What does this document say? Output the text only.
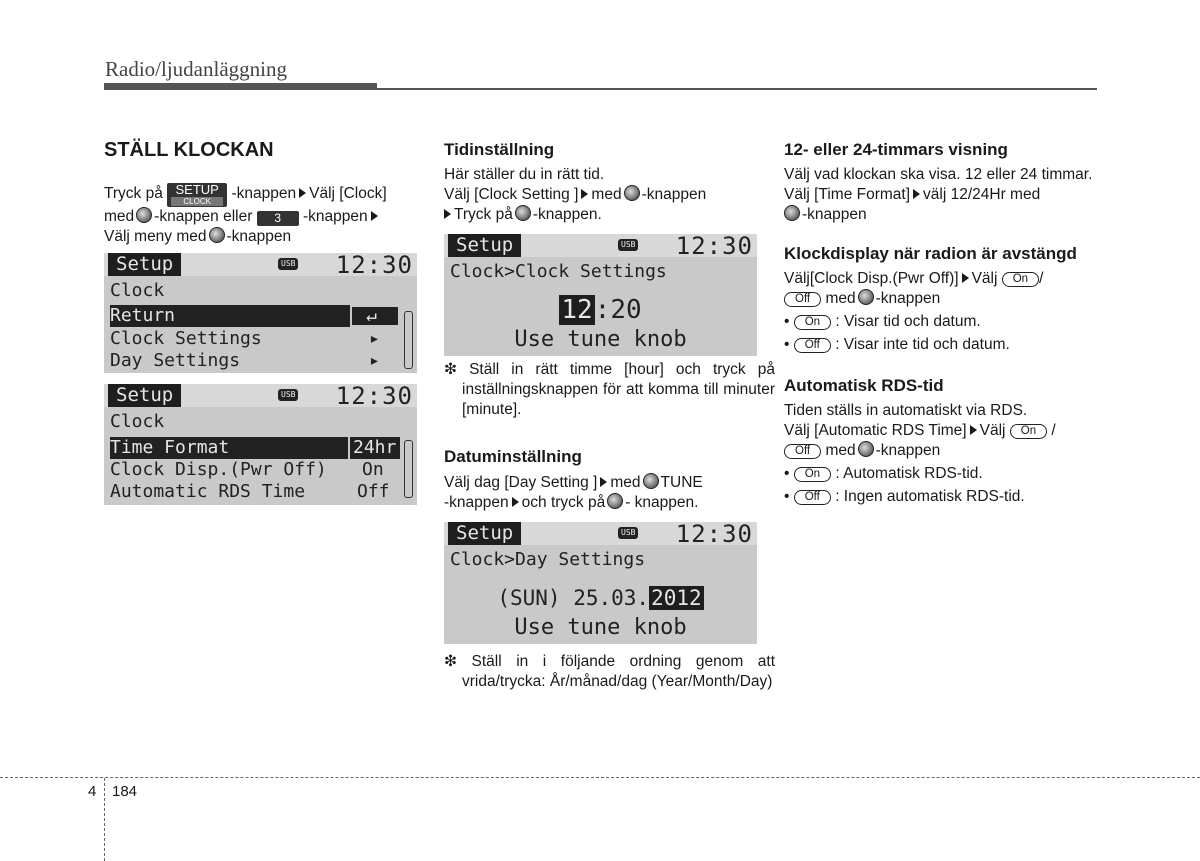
Radio/ljudanläggning

STÄLL KLOCKAN

Tryck på SETUP
CLOCK	-knappen Välj [Clock]
med -knappen eller 3 -knappen
Välj meny med -knappen

Setup	USB 12:30
Clock
Return	↵
Clock Settings	▸
Day Settings	▸
Setup	USB 12:30
Clock
Time Format	24hr
Clock Disp.(Pwr Off) On
Automatic RDS Time	Off

Tidinställning

Här ställer du in rätt tid.

Välj [Clock Setting ] med -knappen
Tryck på -knappen.

Setup	USB 12:30
Clock>Clock Settings
12:20
Use tune knob
❇ Ställ in rätt timme [hour] och tryck på inställningsknappen för att komma till minuter [minute].

Datuminställning

Välj dag [Day Setting ] med TUNE
-knappen och tryck på - knappen.

Setup	USB 12:30
Clock>Day Settings
(SUN) 25.03.2012
Use tune knob
❇ Ställ in i följande ordning genom att vrida/trycka: År/månad/dag (Year/Month/Day)

12- eller 24-timmars visning

Välj vad klockan ska visa. 12 eller 24 timmar.

Välj [Time Format] välj 12/24Hr med
-knappen

Klockdisplay när radion är avstängd

Välj[Clock Disp.(Pwr Off)] Välj On /
Off med -knappen

• On : Visar tid och datum.

• Off : Visar inte tid och datum.

Automatisk RDS-tid

Tiden ställs in automatiskt via RDS.

Välj [Automatic RDS Time] Välj On /
Off med -knappen

• On : Automatisk RDS-tid.

• Off : Ingen automatisk RDS-tid.

4 184
